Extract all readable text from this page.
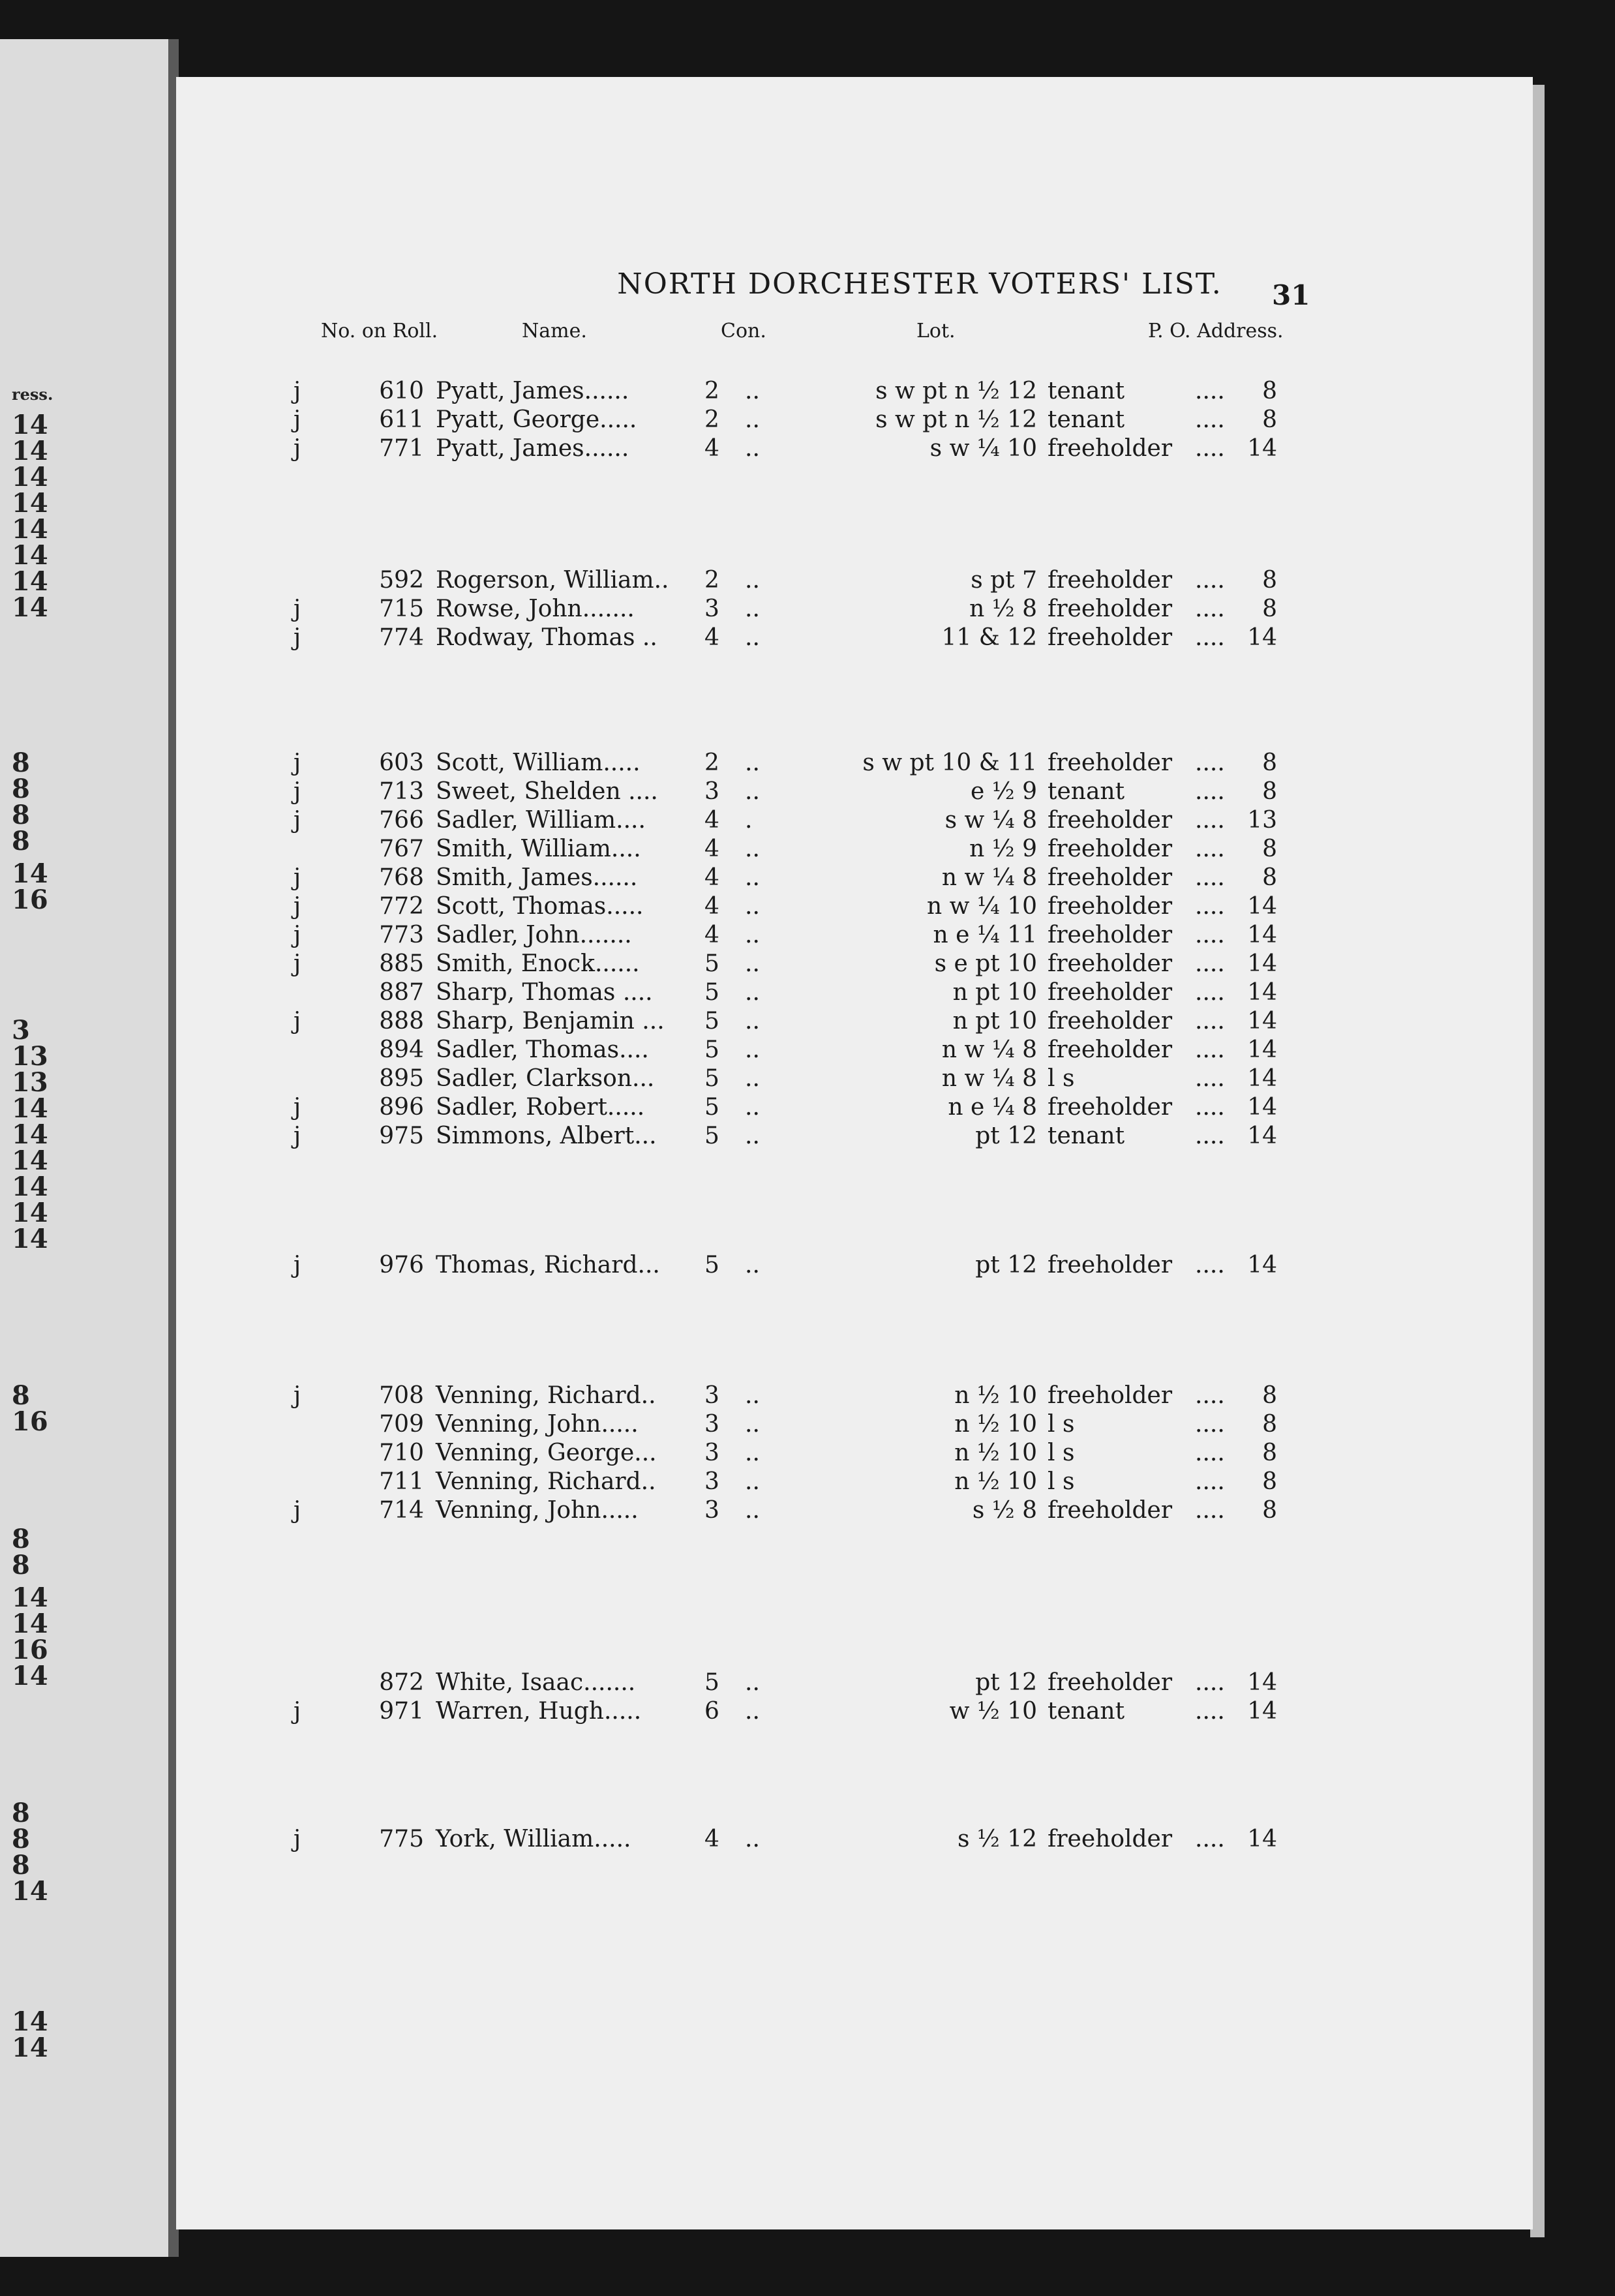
ress.
14
14
14
14
14
14
14
14
8
8
8
8
14
16
3
13
13
14
14
14
14
14
14
8
16
8
8
14
14
16
14
8
8
8
14
14
14
NORTH DORCHESTER VOTERS' LIST.	31
No. on Roll.	Name.	Con.	Lot.	P. O. Address.
j	610 Pyatt, James......	2 ..	s w pt n ½ 12 tenant	....	8
j	611 Pyatt, George.....	2 ..	s w pt n ½ 12 tenant	....	8
j	771 Pyatt, James......	4 ..	s w ¼ 10 freeholder .... 14
592 Rogerson, William.. 2 ..	s pt 7 freeholder ....	8
j	715 Rowse, John.......	3 ..	n ½ 8 freeholder ....	8
j	774 Rodway, Thomas .. 4 ..	11 & 12 freeholder .... 14
j	603 Scott, William.....	2 ..	s w pt 10 & 11 freeholder ....	8
j	713 Sweet, Shelden .... 3 ..	e ½ 9 tenant	....	8
j	766 Sadler, William....	4 .	s w ¼ 8 freeholder .... 13
767 Smith, William....	4 ..	n ½ 9 freeholder ....	8
j	768 Smith, James......	4 ..	n w ¼ 8 freeholder ....	8
j	772 Scott, Thomas.....	4 ..	n w ¼ 10 freeholder .... 14
j	773 Sadler, John.......	4 ..	n e ¼ 11 freeholder .... 14
j	885 Smith, Enock......	5 ..	s e pt 10 freeholder .... 14
887 Sharp, Thomas .... 5 ..	n pt 10 freeholder .... 14
j	888 Sharp, Benjamin ... 5 ..	n pt 10 freeholder .... 14
894 Sadler, Thomas.... 5 ..	n w ¼ 8 freeholder .... 14
895 Sadler, Clarkson... 5 ..	n w ¼ 8 l s	.... 14
j	896 Sadler, Robert.....	5 ..	n e ¼ 8 freeholder .... 14
j	975 Simmons, Albert... 5 ..	pt 12 tenant	.... 14
j	976 Thomas, Richard... 5 ..	pt 12 freeholder .... 14
j	708 Venning, Richard.. 3 ..	n ½ 10 freeholder ....	8
709 Venning, John.....	3 ..	n ½ 10 l s	....	8
710 Venning, George... 3 ..	n ½ 10 l s	....	8
711 Venning, Richard.. 3 ..	n ½ 10 l s	....	8
j	714 Venning, John.....	3 ..	s ½ 8 freeholder ....	8
872 White, Isaac.......	5 ..	pt 12 freeholder .... 14
j	971 Warren, Hugh.....	6 ..	w ½ 10 tenant	.... 14
j	775 York, William.....	4 ..	s ½ 12 freeholder .... 14
